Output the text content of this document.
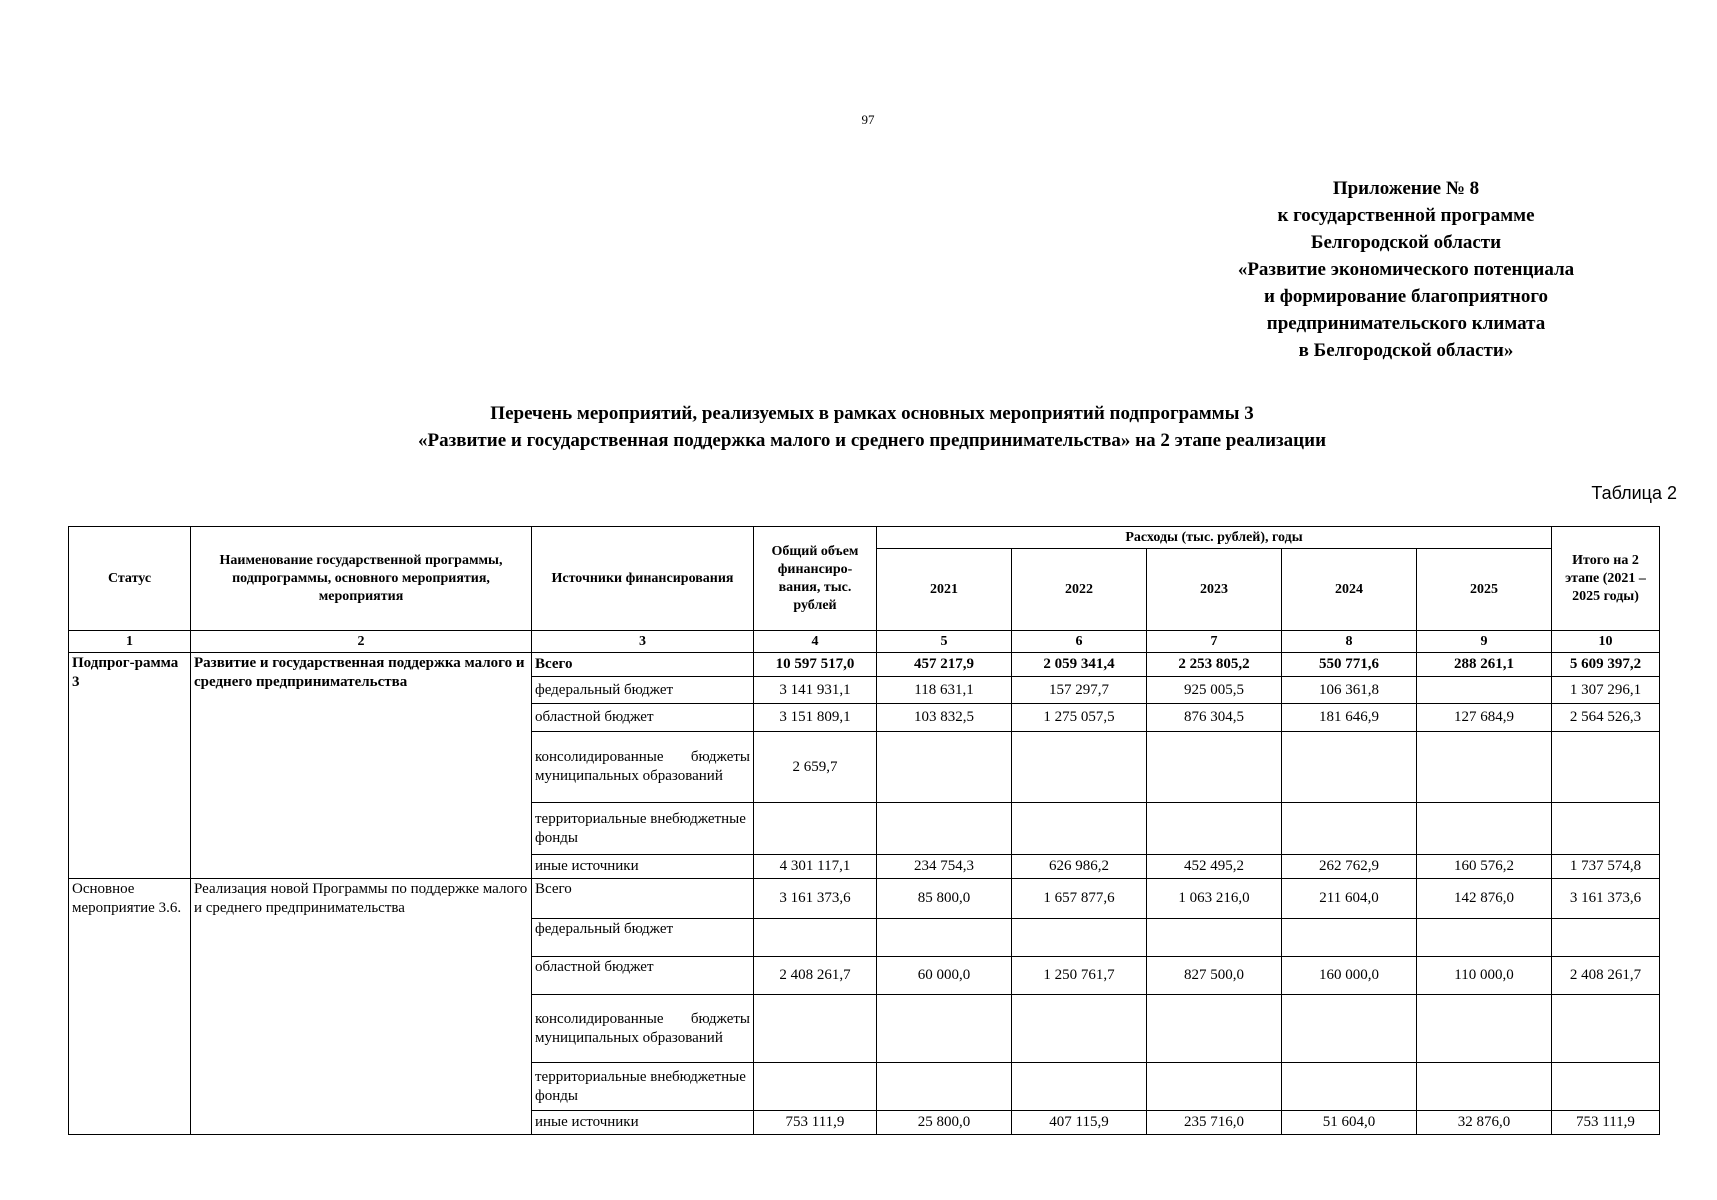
97
Приложение № 8
к государственной программе
Белгородской области
«Развитие экономического потенциала
и формирование благоприятного
предпринимательского климата
в Белгородской области»
Перечень мероприятий, реализуемых в рамках основных мероприятий подпрограммы 3
«Развитие и государственная поддержка малого и среднего предпринимательства» на 2 этапе реализации
Таблица 2
Статус	Наименование государственной программы, подпрограммы, основного мероприятия, мероприятия	Источники финансирования	Общий объем финансиро-вания, тыс. рублей	Расходы (тыс. рублей), годы					Итого на 2 этапе (2021 – 2025 годы)
				2021	2022	2023	2024	2025	
1	2	3	4	5	6	7	8	9	10
Подпрог-рамма 3	Развитие и государственная поддержка малого и среднего предпринимательства	Всего	10 597 517,0	457 217,9	2 059 341,4	2 253 805,2	550 771,6	288 261,1	5 609 397,2
		федеральный бюджет	3 141 931,1	118 631,1	157 297,7	925 005,5	106 361,8		1 307 296,1
		областной бюджет	3 151 809,1	103 832,5	1 275 057,5	876 304,5	181 646,9	127 684,9	2 564 526,3
		консолидированные бюджеты муниципальных образований	2 659,7						
		территориальные внебюджетные фонды							
		иные источники	4 301 117,1	234 754,3	626 986,2	452 495,2	262 762,9	160 576,2	1 737 574,8
Основное мероприятие 3.6.	Реализация новой Программы по поддержке малого и среднего предпринимательства	Всего	3 161 373,6	85 800,0	1 657 877,6	1 063 216,0	211 604,0	142 876,0	3 161 373,6
		федеральный бюджет							
		областной бюджет	2 408 261,7	60 000,0	1 250 761,7	827 500,0	160 000,0	110 000,0	2 408 261,7
		консолидированные бюджеты муниципальных образований							
		территориальные внебюджетные фонды							
		иные источники	753 111,9	25 800,0	407 115,9	235 716,0	51 604,0	32 876,0	753 111,9
